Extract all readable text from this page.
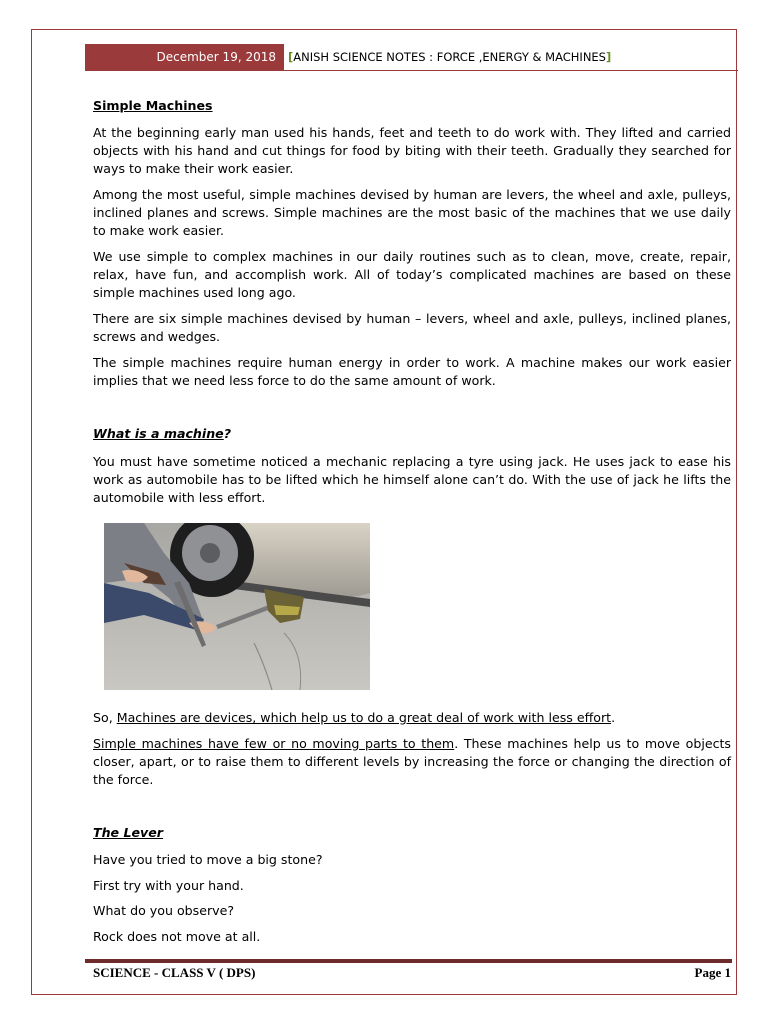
December 19, 2018	[ANISH SCIENCE NOTES : FORCE ,ENERGY & MACHINES]
Simple Machines
At the beginning early man used his hands, feet and teeth to do work with. They lifted and carried objects with his hand and cut things for food by biting with their teeth. Gradually they searched for ways to make their work easier.
Among the most useful, simple machines devised by human are levers, the wheel and axle, pulleys, inclined planes and screws. Simple machines are the most basic of the machines that we use daily to make work easier.
We use simple to complex machines in our daily routines such as to clean, move, create, repair, relax, have fun, and accomplish work. All of today’s complicated machines are based on these simple machines used long ago.
There are six simple machines devised by human – levers, wheel and axle, pulleys, inclined planes, screws and wedges.
The simple machines require human energy in order to work. A machine makes our work easier implies that we need less force to do the same amount of work.
What is a machine?
You must have sometime noticed a mechanic replacing a tyre using jack. He uses jack to ease his work as automobile has to be lifted which he himself alone can’t do. With the use of jack he lifts the automobile with less effort.
So, Machines are devices, which help us to do a great deal of work with less effort.
Simple machines have few or no moving parts to them. These machines help us to move objects closer, apart, or to raise them to different levels by increasing the force or changing the direction of the force.
The Lever
Have you tried to move a big stone?
First try with your hand.
What do you observe?
Rock does not move at all.
SCIENCE - CLASS V ( DPS)	Page 1
